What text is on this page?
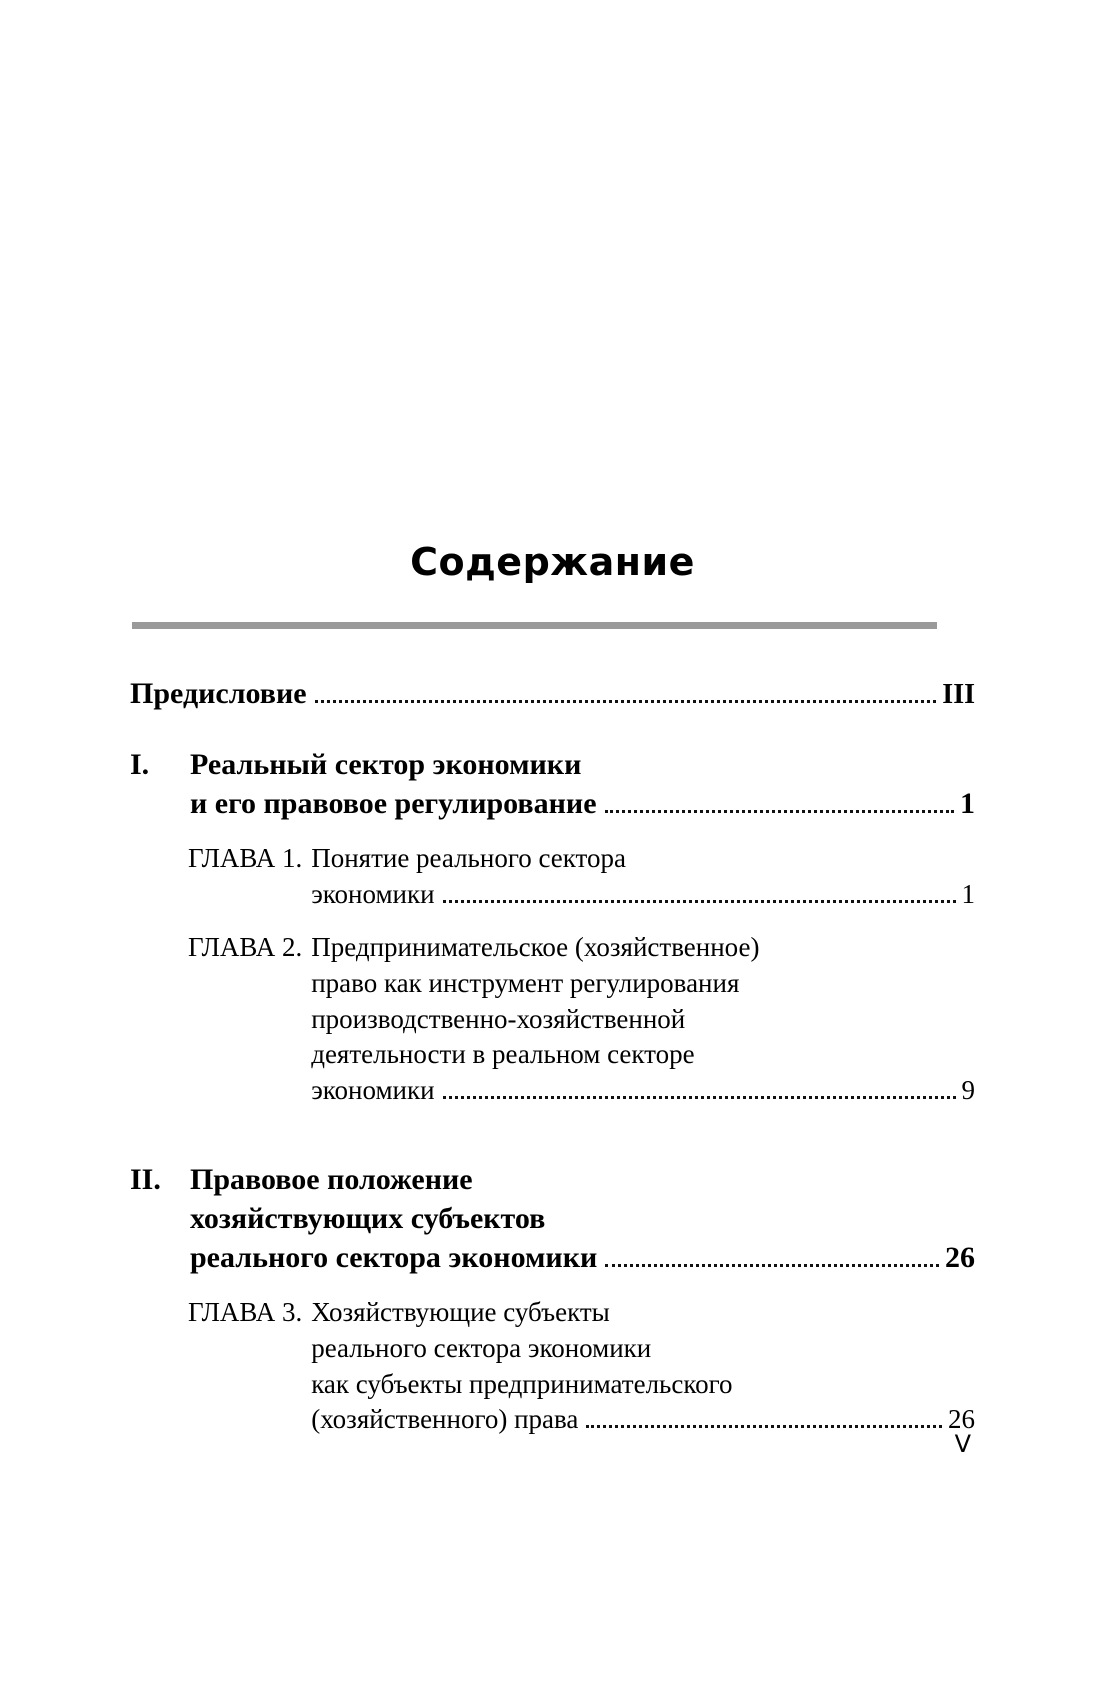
Содержание
Предисловие	III
I.	Реальный сектор экономики
и его правовое регулирование	1
ГЛАВА 1. Понятие реального сектора
экономики	1
ГЛАВА 2. Предпринимательское (хозяйственное)
право как инструмент регулирования
производственно-хозяйственной
деятельности в реальном секторе
экономики	9
II. Правовое положение
хозяйствующих субъектов
реального сектора экономики	26
ГЛАВА 3. Хозяйствующие субъекты
реального сектора экономики
как субъекты предпринимательского
(хозяйственного) права	26
V
